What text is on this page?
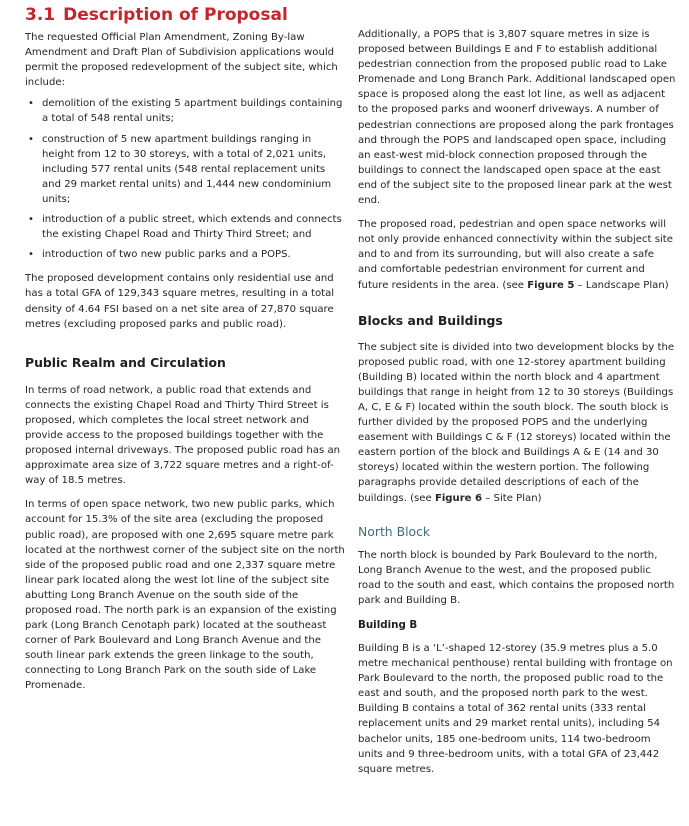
3.1 Description of Proposal

The requested Official Plan Amendment, Zoning By-law Amendment and Draft Plan of Subdivision applications would permit the proposed redevelopment of the subject site, which include:

• demolition of the existing 5 apartment buildings containing a total of 548 rental units;
• construction of 5 new apartment buildings ranging in height from 12 to 30 storeys, with a total of 2,021 units, including 577 rental units (548 rental replacement units and 29 market rental units) and 1,444 new condominium units;
• introduction of a public street, which extends and connects the existing Chapel Road and Thirty Third Street; and
• introduction of two new public parks and a POPS.

The proposed development contains only residential use and has a total GFA of 129,343 square metres, resulting in a total density of 4.64 FSI based on a net site area of 27,870 square metres (excluding proposed parks and public road).

Public Realm and Circulation

In terms of road network, a public road that extends and connects the existing Chapel Road and Thirty Third Street is proposed, which completes the local street network and provide access to the proposed buildings together with the proposed internal driveways. The proposed public road has an approximate area size of 3,722 square metres and a right-of-way of 18.5 metres.

In terms of open space network, two new public parks, which account for 15.3% of the site area (excluding the proposed public road), are proposed with one 2,695 square metre park located at the northwest corner of the subject site on the north side of the proposed public road and one 2,337 square metre linear park located along the west lot line of the subject site abutting Long Branch Avenue on the south side of the proposed road. The north park is an expansion of the existing park (Long Branch Cenotaph park) located at the southeast corner of Park Boulevard and Long Branch Avenue and the south linear park extends the green linkage to the south, connecting to Long Branch Park on the south side of Lake Promenade.

Additionally, a POPS that is 3,807 square metres in size is proposed between Buildings E and F to establish additional pedestrian connection from the proposed public road to Lake Promenade and Long Branch Park. Additional landscaped open space is proposed along the east lot line, as well as adjacent to the proposed parks and woonerf driveways. A number of pedestrian connections are proposed along the park frontages and through the POPS and landscaped open space, including an east-west mid-block connection proposed through the buildings to connect the landscaped open space at the east end of the subject site to the proposed linear park at the west end.

The proposed road, pedestrian and open space networks will not only provide enhanced connectivity within the subject site and to and from its surrounding, but will also create a safe and comfortable pedestrian environment for current and future residents in the area. (see Figure 5 – Landscape Plan)

Blocks and Buildings

The subject site is divided into two development blocks by the proposed public road, with one 12-storey apartment building (Building B) located within the north block and 4 apartment buildings that range in height from 12 to 30 storeys (Buildings A, C, E & F) located within the south block. The south block is further divided by the proposed POPS and the underlying easement with Buildings C & F (12 storeys) located within the eastern portion of the block and Buildings A & E (14 and 30 storeys) located within the western portion. The following paragraphs provide detailed descriptions of each of the buildings. (see Figure 6 – Site Plan)

North Block

The north block is bounded by Park Boulevard to the north, Long Branch Avenue to the west, and the proposed public road to the south and east, which contains the proposed north park and Building B.

Building B

Building B is a ‘L’-shaped 12-storey (35.9 metres plus a 5.0 metre mechanical penthouse) rental building with frontage on Park Boulevard to the north, the proposed public road to the east and south, and the proposed north park to the west. Building B contains a total of 362 rental units (333 rental replacement units and 29 market rental units), including 54 bachelor units, 185 one-bedroom units, 114 two-bedroom units and 9 three-bedroom units, with a total GFA of 23,442 square metres.
